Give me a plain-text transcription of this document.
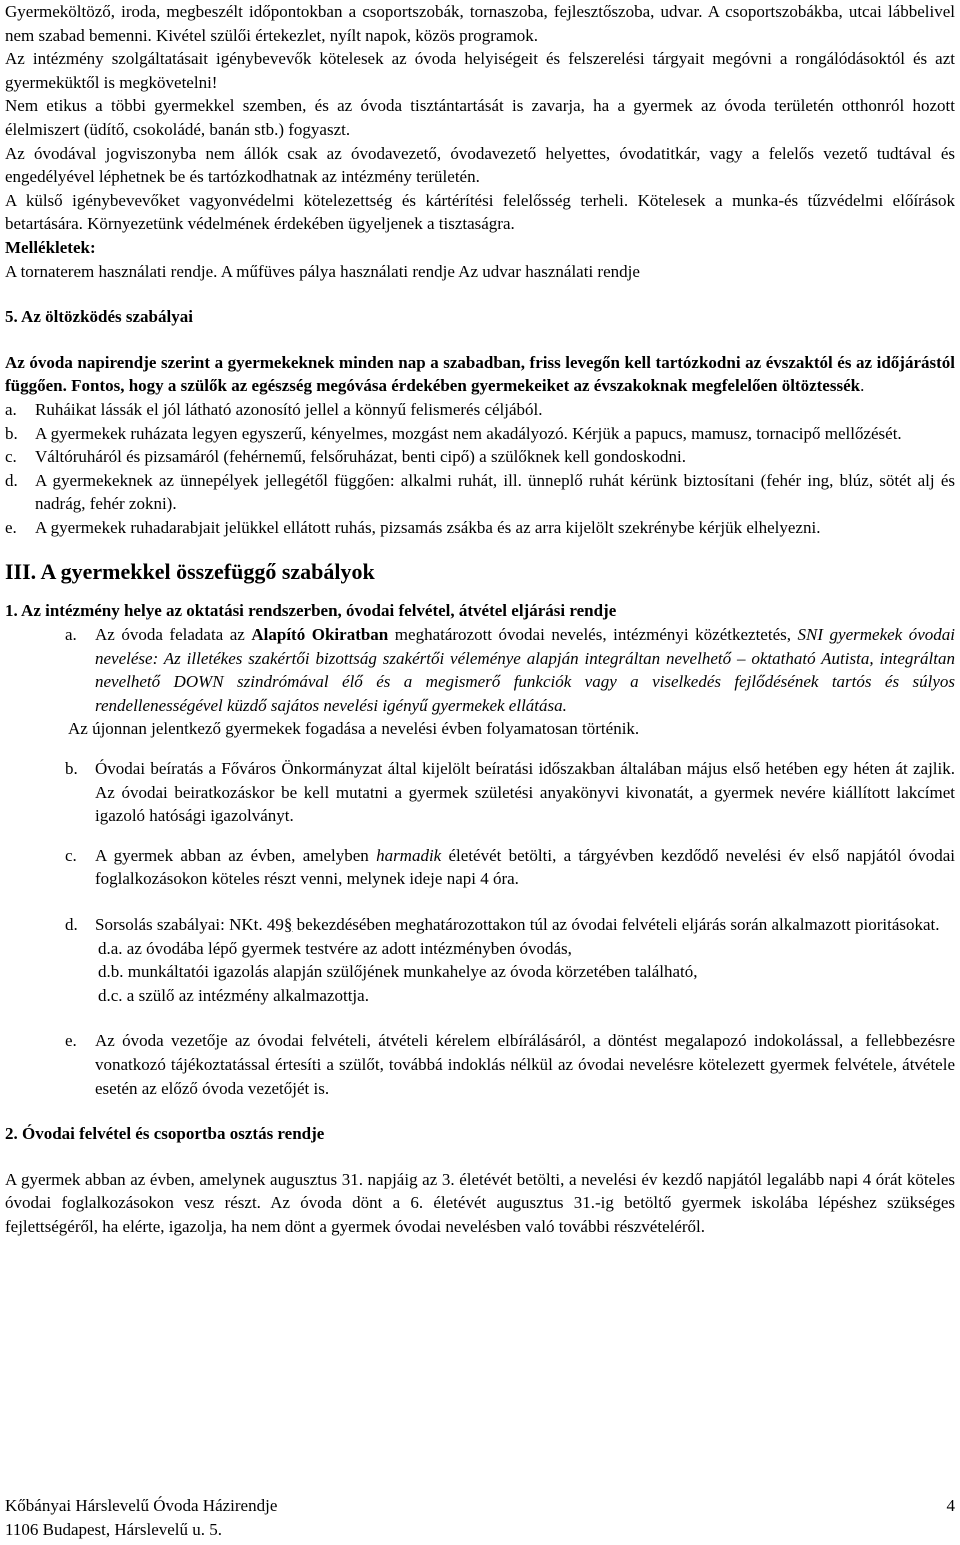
Gyermeköltöző, iroda, megbeszélt időpontokban a csoportszobák, tornaszoba, fejlesztőszoba, udvar. A csoportszobákba, utcai lábbelivel nem szabad bemenni. Kivétel szülői értekezlet, nyílt napok, közös programok.

Az intézmény szolgáltatásait igénybevevők kötelesek az óvoda helyiségeit és felszerelési tárgyait megóvni a rongálódásoktól és azt gyermeküktől is megkövetelni!

Nem etikus a többi gyermekkel szemben, és az óvoda tisztántartását is zavarja, ha a gyermek az óvoda területén otthonról hozott élelmiszert (üdítő, csokoládé, banán stb.) fogyaszt.

Az óvodával jogviszonyba nem állók csak az óvodavezető, óvodavezető helyettes, óvodatitkár, vagy a felelős vezető tudtával és engedélyével léphetnek be és tartózkodhatnak az intézmény területén.

A külső igénybevevőket vagyonvédelmi kötelezettség és kártérítési felelősség terheli. Kötelesek a munka-és tűzvédelmi előírások betartására. Környezetünk védelmének érdekében ügyeljenek a tisztaságra.

Mellékletek:

A tornaterem használati rendje. A műfüves pálya használati rendje Az udvar használati rendje

5. Az öltözködés szabályai

Az óvoda napirendje szerint a gyermekeknek minden nap a szabadban, friss levegőn kell tartózkodni az évszaktól és az időjárástól függően. Fontos, hogy a szülők az egészség megóvása érdekében gyermekeiket az évszakoknak megfelelően öltöztessék.

a.	Ruháikat lássák el jól látható azonosító jellel a könnyű felismerés céljából.
b.	A gyermekek ruházata legyen egyszerű, kényelmes, mozgást nem akadályozó. Kérjük a papucs, mamusz, tornacipő mellőzését.
c.	Váltóruháról és pizsamáról (fehérnemű, felsőruházat, benti cipő) a szülőknek kell gondoskodni.
d.	A gyermekeknek az ünnepélyek jellegétől függően: alkalmi ruhát, ill. ünneplő ruhát kérünk biztosítani (fehér ing, blúz, sötét alj és nadrág, fehér zokni).
e.	A gyermekek ruhadarabjait jelükkel ellátott ruhás, pizsamás zsákba és az arra kijelölt szekrénybe kérjük elhelyezni.

III. A gyermekkel összefüggő szabályok

1. Az intézmény helye az oktatási rendszerben, óvodai felvétel, átvétel eljárási rendje

a.	Az óvoda feladata az Alapító Okiratban meghatározott óvodai nevelés, intézményi közétkeztetés, SNI gyermekek óvodai nevelése: Az illetékes szakértői bizottság szakértői véleménye alapján integráltan nevelhető – oktatható Autista, integráltan nevelhető DOWN szindrómával élő és a megismerő funkciók vagy a viselkedés fejlődésének tartós és súlyos rendellenességével küzdő sajátos nevelési igényű gyermekek ellátása.

Az újonnan jelentkező gyermekek fogadása a nevelési évben folyamatosan történik.

b.	Óvodai beíratás a Főváros Önkormányzat által kijelölt beíratási időszakban általában május első hetében egy héten át zajlik. Az óvodai beiratkozáskor be kell mutatni a gyermek születési anyakönyvi kivonatát, a gyermek nevére kiállított lakcímet igazoló hatósági igazolványt.
c.	A gyermek abban az évben, amelyben harmadik életévét betölti, a tárgyévben kezdődő nevelési év első napjától óvodai foglalkozásokon köteles részt venni, melynek ideje napi 4 óra.
d.	Sorsolás szabályai: NKt. 49§ bekezdésében meghatározottakon túl az óvodai felvételi eljárás során alkalmazott pioritásokat.

d.a. az óvodába lépő gyermek testvére az adott intézményben óvodás,

d.b. munkáltatói igazolás alapján szülőjének munkahelye az óvoda körzetében található,

d.c. a szülő az intézmény alkalmazottja.

e.	Az óvoda vezetője az óvodai felvételi, átvételi kérelem elbírálásáról, a döntést megalapozó indokolással, a fellebbezésre vonatkozó tájékoztatással értesíti a szülőt, továbbá indoklás nélkül az óvodai nevelésre kötelezett gyermek felvétele, átvétele esetén az előző óvoda vezetőjét is.

2. Óvodai felvétel és csoportba osztás rendje

A gyermek abban az évben, amelynek augusztus 31. napjáig az 3. életévét betölti, a nevelési év kezdő napjától legalább napi 4 órát köteles óvodai foglalkozásokon vesz részt. Az óvoda dönt a 6. életévét augusztus 31.-ig betöltő gyermek iskolába lépéshez szükséges fejlettségéről, ha elérte, igazolja, ha nem dönt a gyermek óvodai nevelésben való további részvételéről.

Kőbányai Hárslevelű Óvoda Házirendje	4
1106 Budapest, Hárslevelű u. 5.
